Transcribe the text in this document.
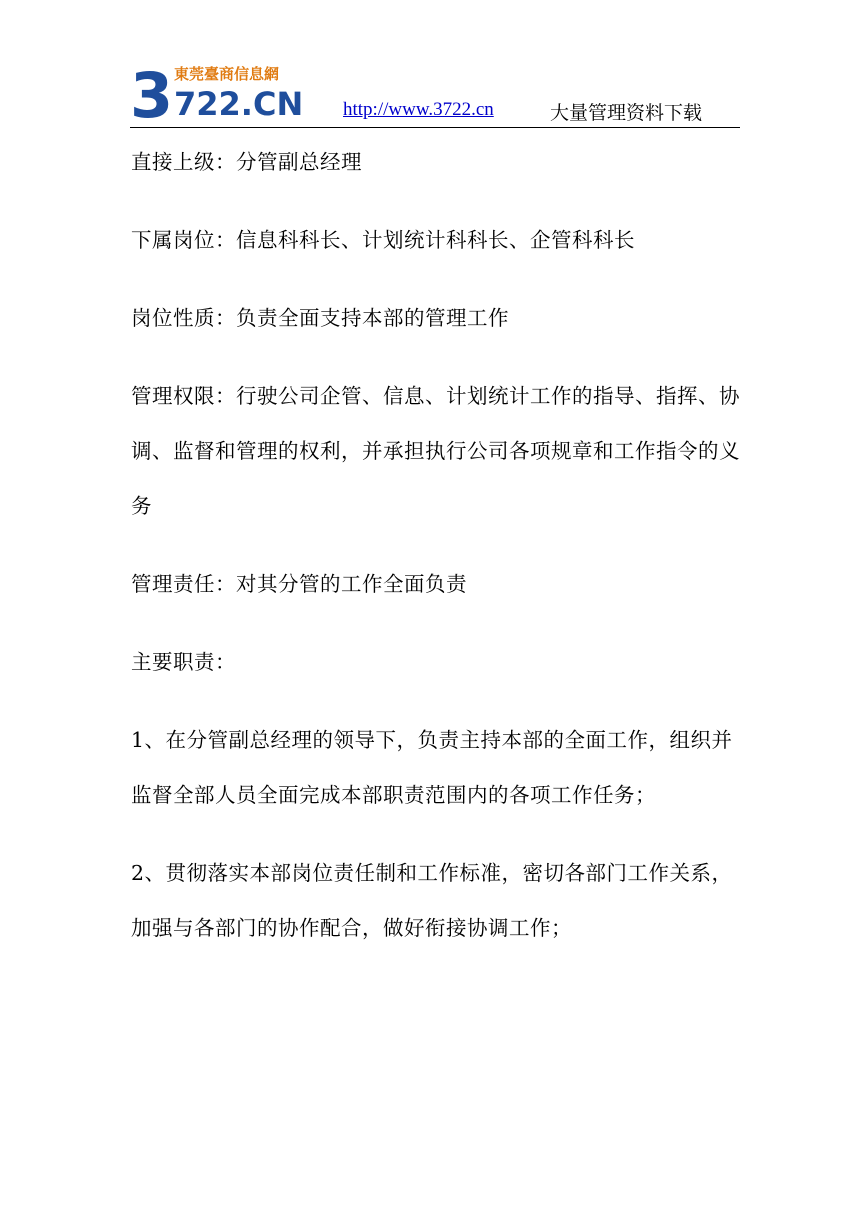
3 東莞臺商信息網
722.CN http://www.3722.cn	大量管理资料下载

直接上级：分管副总经理

下属岗位：信息科科长、计划统计科科长、企管科科长

岗位性质：负责全面支持本部的管理工作

管理权限：行驶公司企管、信息、计划统计工作的指导、指挥、协调、监督和管理的权利，并承担执行公司各项规章和工作指令的义务

管理责任：对其分管的工作全面负责

主要职责：

1、在分管副总经理的领导下，负责主持本部的全面工作，组织并监督全部人员全面完成本部职责范围内的各项工作任务；

2、贯彻落实本部岗位责任制和工作标准，密切各部门工作关系，加强与各部门的协作配合，做好衔接协调工作；
